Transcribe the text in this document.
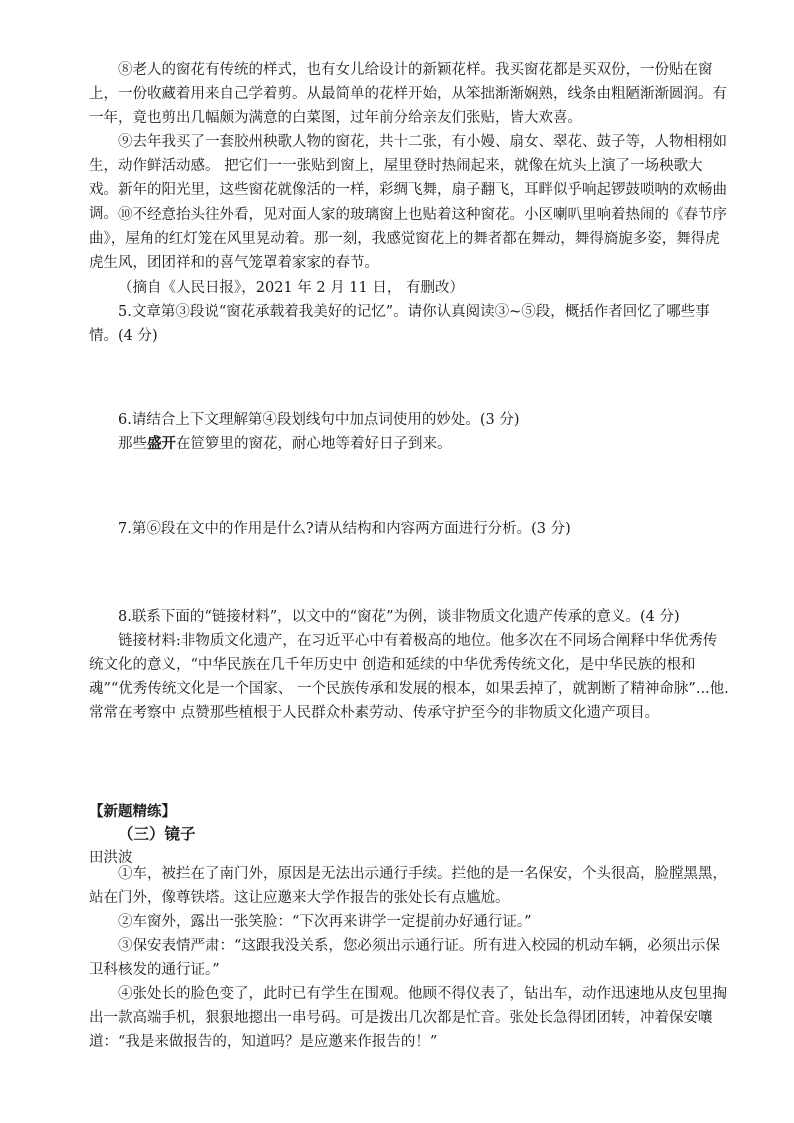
⑧老人的窗花有传统的样式，也有女儿给设计的新颖花样。我买窗花都是买双份，一份贴在窗上，一份收藏着用来自己学着剪。从最简单的花样开始，从笨拙渐渐娴熟，线条由粗陋渐渐圆润。有一年，竟也剪出几幅颇为满意的白菜图，过年前分给亲友们张贴，皆大欢喜。

⑨去年我买了一套胶州秧歌人物的窗花，共十二张，有小嫚、扇女、翠花、鼓子等，人物相栩如生，动作鲜活动感。 把它们一一张贴到窗上，屋里登时热闹起来，就像在炕头上演了一场秧歌大戏。新年的阳光里，这些窗花就像活的一样，彩绸飞舞，扇子翻飞，耳畔似乎响起锣鼓唢呐的欢畅曲调。 ⑩不经意抬头往外看，见对面人家的玻璃窗上也贴着这种窗花。小区喇叭里响着热闹的《春节序曲》，屋角的红灯笼在风里晃动着。那一刻，我感觉窗花上的舞者都在舞动，舞得旖旎多姿，舞得虎虎生风，团团祥和的喜气笼罩着家家的春节。

（摘自《人民日报》，2021 年 2 月 11 日， 有删改）

5.文章第③段说“窗花承载着我美好的记忆”。请你认真阅读③~⑤段，概括作者回忆了哪些事情。(4 分)

6.请结合上下文理解第④段划线句中加点词使用的妙处。(3 分)

那些盛开在笸箩里的窗花，耐心地等着好日子到来。

7.第⑥段在文中的作用是什么?请从结构和内容两方面进行分析。(3 分)

8.联系下面的“链接材料”，以文中的“窗花”为例，谈非物质文化遗产传承的意义。(4 分)

链接材料:非物质文化遗产，在习近平心中有着极高的地位。他多次在不同场合阐释中华优秀传统文化的意义，“中华民族在几千年历史中 创造和延续的中华优秀传统文化，是中华民族的根和魂”“优秀传统文化是一个国家、 一个民族传承和发展的根本，如果丢掉了，就割断了精神命脉”...他.常常在考察中 点赞那些植根于人民群众朴素劳动、传承守护至今的非物质文化遗产项目。

【新题精练】

（三）镜子

田洪波

①车，被拦在了南门外，原因是无法出示通行手续。拦他的是一名保安，个头很高，脸膛黑黑，站在门外，像尊铁塔。这让应邀来大学作报告的张处长有点尴尬。

②车窗外，露出一张笑脸：“下次再来讲学一定提前办好通行证。”

③保安表情严肃：“这跟我没关系，您必须出示通行证。所有进入校园的机动车辆，必须出示保卫科核发的通行证。”

④张处长的脸色变了，此时已有学生在围观。他顾不得仪表了，钻出车，动作迅速地从皮包里掏出一款高端手机，狠狠地摁出一串号码。可是拨出几次都是忙音。张处长急得团团转，冲着保安嚷道：“我是来做报告的，知道吗？是应邀来作报告的！”
